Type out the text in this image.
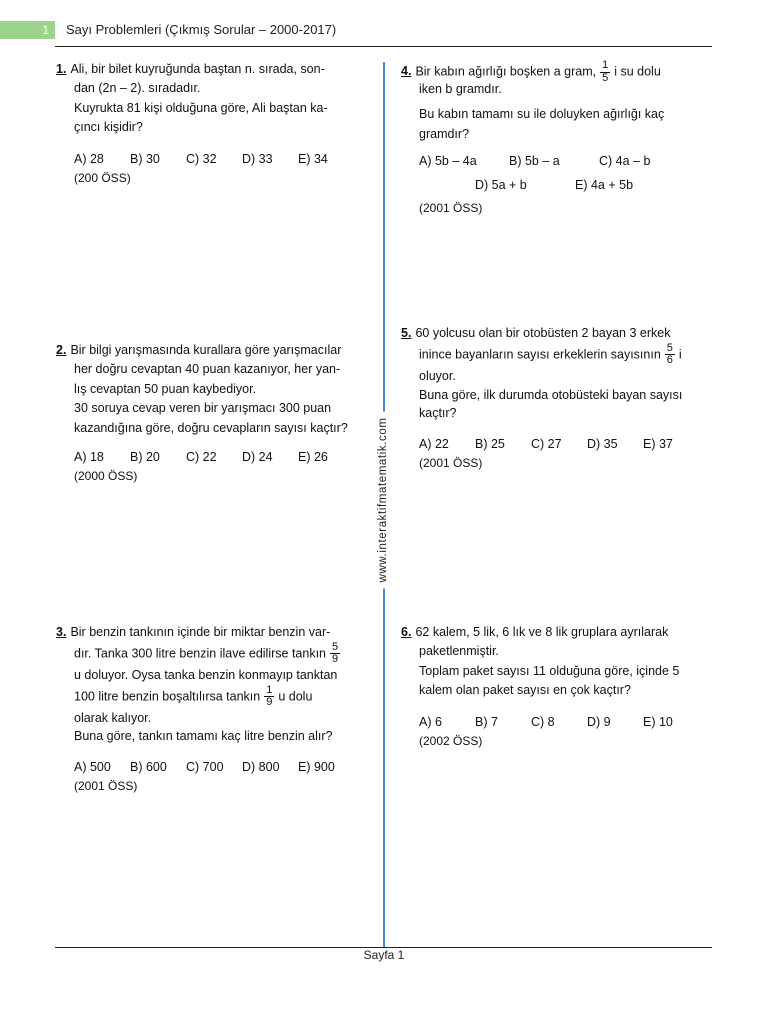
1	Sayı Problemleri (Çıkmış Sorular – 2000-2017)
www.interaktifmatematik.com

1. Ali, bir bilet kuyruğunda baştan n. sırada, son-

dan (2n – 2). sıradadır.

Kuyrukta 81 kişi olduğuna göre, Ali baştan ka-

çıncı kişidir?

A) 28	B) 30	C) 32	D) 33	E) 34

(200 ÖSS)

2. Bir bilgi yarışmasında kurallara göre yarışmacılar

her doğru cevaptan 40 puan kazanıyor, her yan-

lış cevaptan 50 puan kaybediyor.

30 soruya cevap veren bir yarışmacı 300 puan

kazandığına göre, doğru cevapların sayısı kaçtır?

A) 18	B) 20	C) 22	D) 24	E) 26

(2000 ÖSS)

3. Bir benzin tankının içinde bir miktar benzin var-

dır. Tanka 300 litre benzin ilave edilirse tankın $\frac{5}{9}$

u doluyor. Oysa tanka benzin konmayıp tanktan

100 litre benzin boşaltılırsa tankın $\frac{1}{9}$ u dolu

olarak kalıyor.

Buna göre, tankın tamamı kaç litre benzin alır?

A) 500	B) 600	C) 700	D) 800	E) 900

(2001 ÖSS)

4. Bir kabın ağırlığı boşken a gram, $\frac{1}{5}$ i su dolu

iken b gramdır.

Bu kabın tamamı su ile doluyken ağırlığı kaç

gramdır?

A) 5b – 4a	B) 5b – a	C) 4a – b
D) 5a + b	E) 4a + 5b

(2001 ÖSS)

5. 60 yolcusu olan bir otobüsten 2 bayan 3 erkek

inince bayanların sayısı erkeklerin sayısının $\frac{5}{6}$ i

oluyor.

Buna göre, ilk durumda otobüsteki bayan sayısı

kaçtır?

A) 22	B) 25	C) 27	D) 35	E) 37

(2001 ÖSS)

6. 62 kalem, 5 lik, 6 lık ve 8 lik gruplara ayrılarak

paketlenmiştir.

Toplam paket sayısı 11 olduğuna göre, içinde 5

kalem olan paket sayısı en çok kaçtır?

A) 6	B) 7	C) 8	D) 9	E) 10

(2002 ÖSS)

Sayfa 1
